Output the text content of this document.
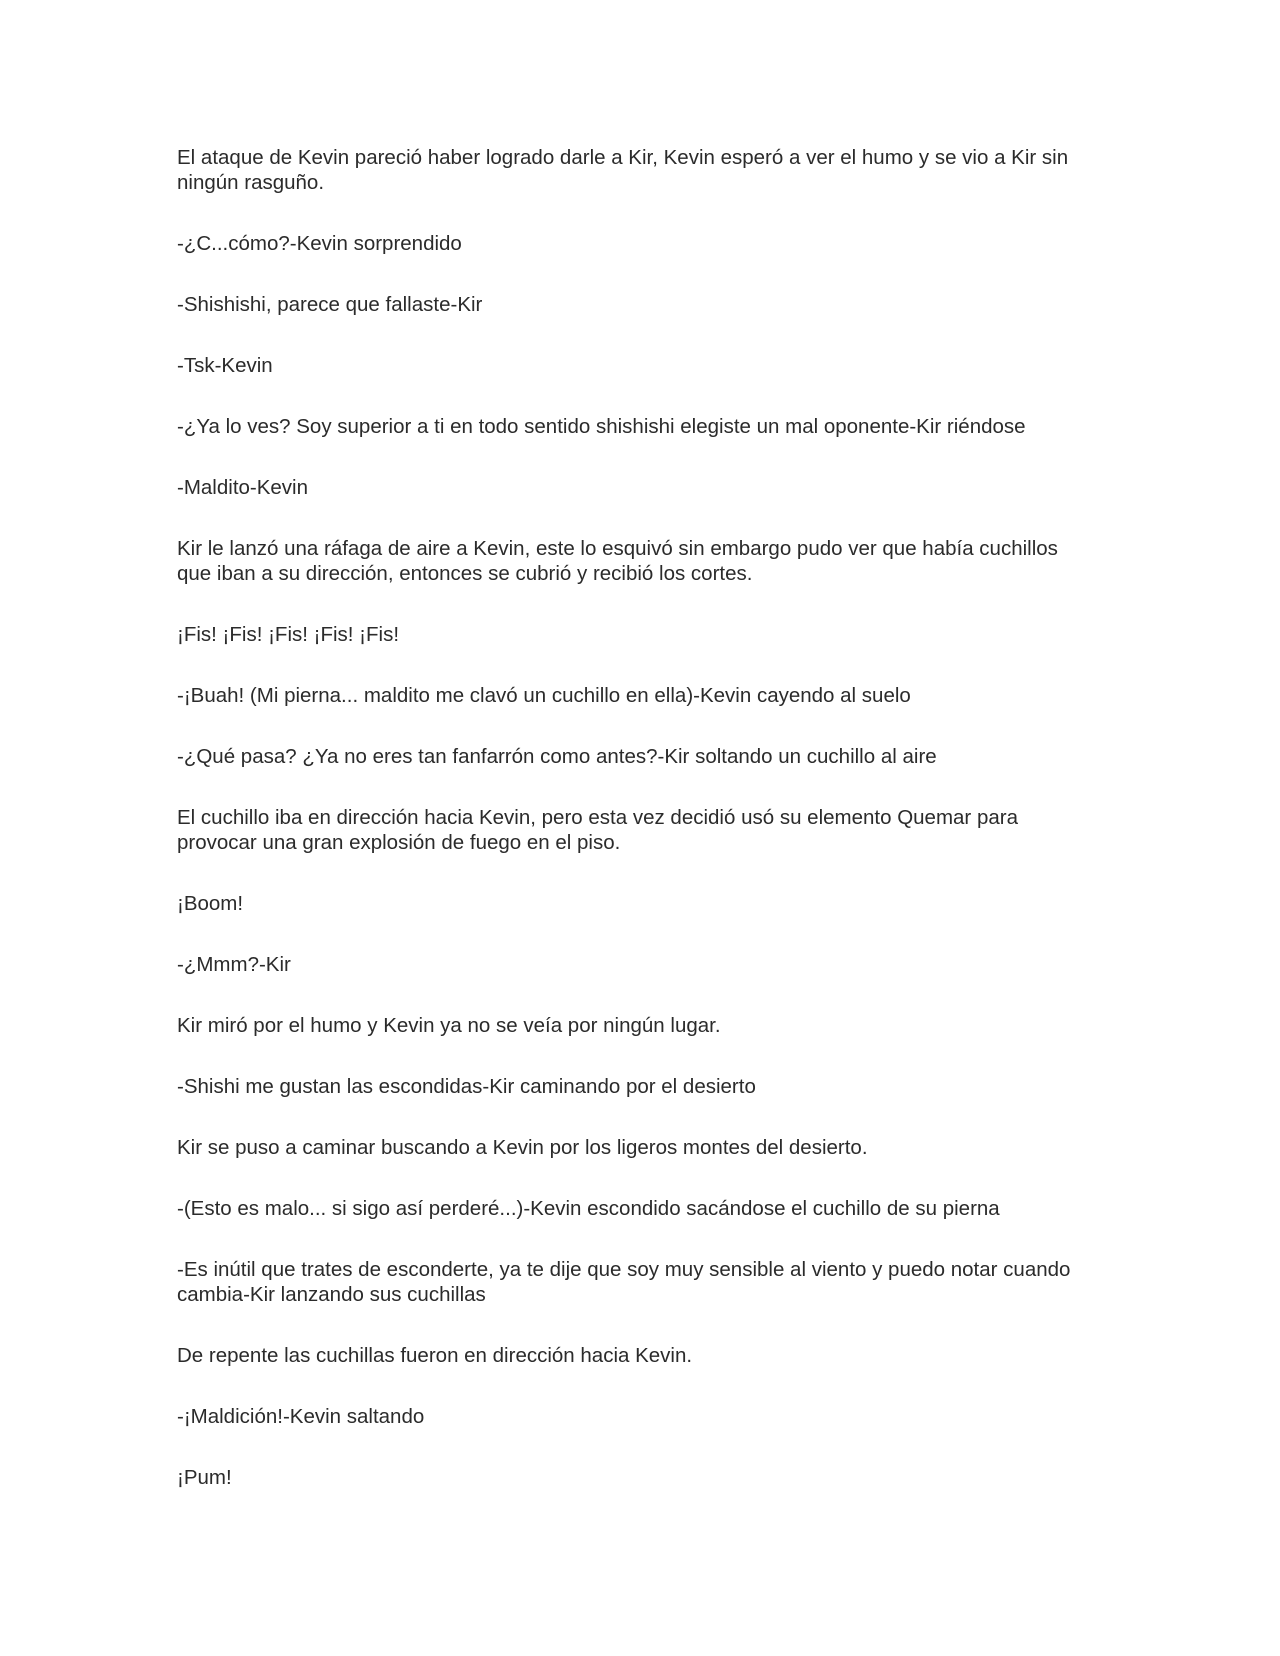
El ataque de Kevin pareció haber logrado darle a Kir, Kevin esperó a ver el humo y se vio a Kir sin ningún rasguño.

-¿C...cómo?-Kevin sorprendido

-Shishishi, parece que fallaste-Kir

-Tsk-Kevin

-¿Ya lo ves? Soy superior a ti en todo sentido shishishi elegiste un mal oponente-Kir riéndose

-Maldito-Kevin

Kir le lanzó una ráfaga de aire a Kevin, este lo esquivó sin embargo pudo ver que había cuchillos que iban a su dirección, entonces se cubrió y recibió los cortes.

¡Fis! ¡Fis! ¡Fis! ¡Fis! ¡Fis!

-¡Buah! (Mi pierna... maldito me clavó un cuchillo en ella)-Kevin cayendo al suelo

-¿Qué pasa? ¿Ya no eres tan fanfarrón como antes?-Kir soltando un cuchillo al aire

El cuchillo iba en dirección hacia Kevin, pero esta vez decidió usó su elemento Quemar para provocar una gran explosión de fuego en el piso.

¡Boom!

-¿Mmm?-Kir

Kir miró por el humo y Kevin ya no se veía por ningún lugar.

-Shishi me gustan las escondidas-Kir caminando por el desierto

Kir se puso a caminar buscando a Kevin por los ligeros montes del desierto.

-(Esto es malo... si sigo así perderé...)-Kevin escondido sacándose el cuchillo de su pierna

-Es inútil que trates de esconderte, ya te dije que soy muy sensible al viento y puedo notar cuando cambia-Kir lanzando sus cuchillas

De repente las cuchillas fueron en dirección hacia Kevin.

-¡Maldición!-Kevin saltando

¡Pum!
